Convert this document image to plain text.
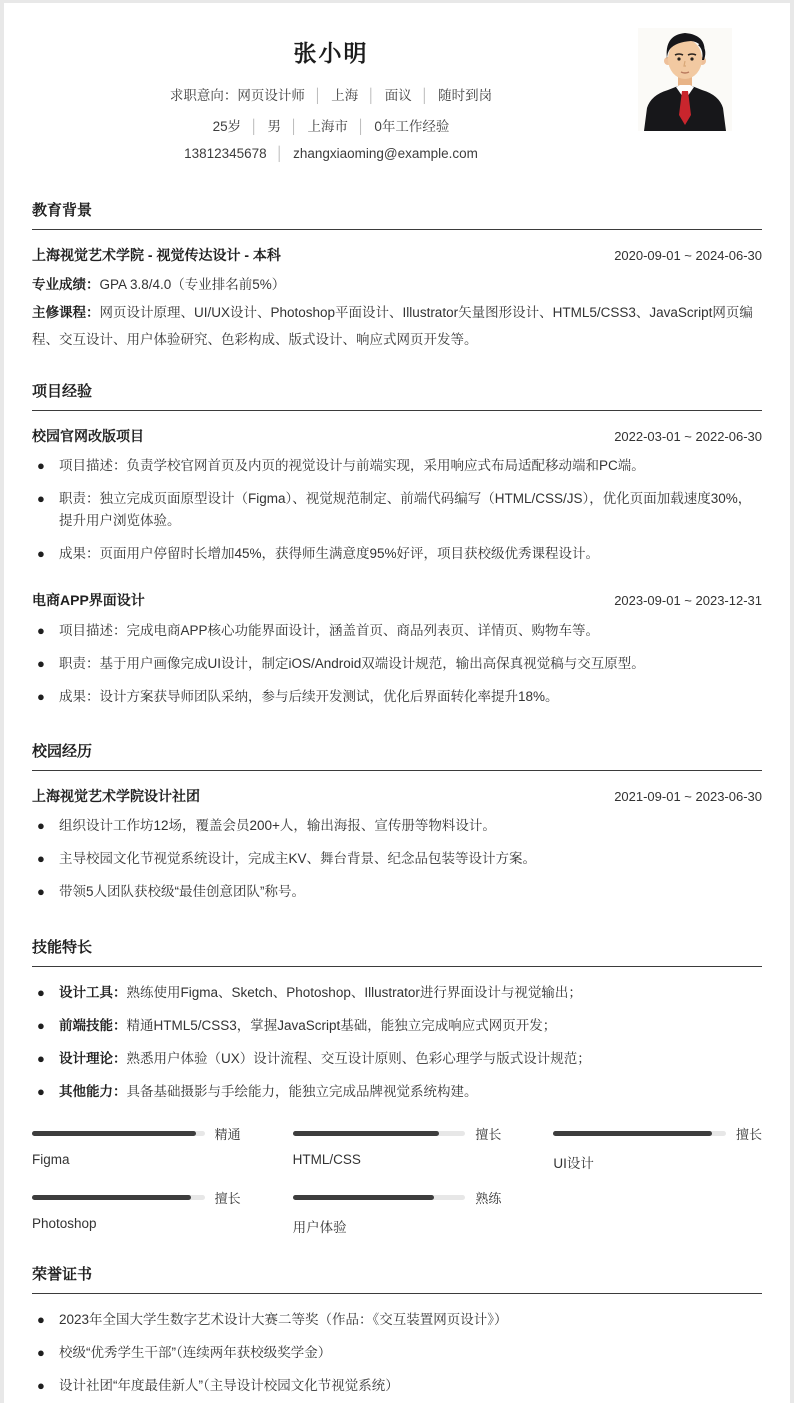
张小明
求职意向：网页设计师 │ 上海 │ 面议 │ 随时到岗
25岁 │ 男 │ 上海市 │ 0年工作经验
13812345678 │ zhangxiaoming@example.com
教育背景
上海视觉艺术学院 - 视觉传达设计 - 本科	2020-09-01 ~ 2024-06-30
专业成绩：GPA 3.8/4.0（专业排名前5%）
主修课程：网页设计原理、UI/UX设计、Photoshop平面设计、Illustrator矢量图形设计、HTML5/CSS3、JavaScript网页编程、交互设计、用户体验研究、色彩构成、版式设计、响应式网页开发等。
项目经验
校园官网改版项目	2022-03-01 ~ 2022-06-30
●	项目描述：负责学校官网首页及内页的视觉设计与前端实现，采用响应式布局适配移动端和PC端。
●	职责：独立完成页面原型设计（Figma）、视觉规范制定、前端代码编写（HTML/CSS/JS），优化页面加载速度30%，提升用户浏览体验。
●	成果：页面用户停留时长增加45%，获得师生满意度95%好评，项目获校级优秀课程设计。
电商APP界面设计	2023-09-01 ~ 2023-12-31
●	项目描述：完成电商APP核心功能界面设计，涵盖首页、商品列表页、详情页、购物车等。
●	职责：基于用户画像完成UI设计，制定iOS/Android双端设计规范，输出高保真视觉稿与交互原型。
●	成果：设计方案获导师团队采纳，参与后续开发测试，优化后界面转化率提升18%。
校园经历
上海视觉艺术学院设计社团	2021-09-01 ~ 2023-06-30
●	组织设计工作坊12场，覆盖会员200+人，输出海报、宣传册等物料设计。
●	主导校园文化节视觉系统设计，完成主KV、舞台背景、纪念品包装等设计方案。
●	带领5人团队获校级“最佳创意团队”称号。
技能特长
●	设计工具：熟练使用Figma、Sketch、Photoshop、Illustrator进行界面设计与视觉输出；
●	前端技能：精通HTML5/CSS3，掌握JavaScript基础，能独立完成响应式网页开发；
●	设计理论：熟悉用户体验（UX）设计流程、交互设计原则、色彩心理学与版式设计规范；
●	其他能力：具备基础摄影与手绘能力，能独立完成品牌视觉系统构建。
精通
Figma
擅长
HTML/CSS
擅长
UI设计
擅长
Photoshop
熟练
用户体验
荣誉证书
●	2023年全国大学生数字艺术设计大赛二等奖（作品：《交互装置网页设计》）
●	校级“优秀学生干部”（连续两年获校级奖学金）
●	设计社团“年度最佳新人”（主导设计校园文化节视觉系统）
